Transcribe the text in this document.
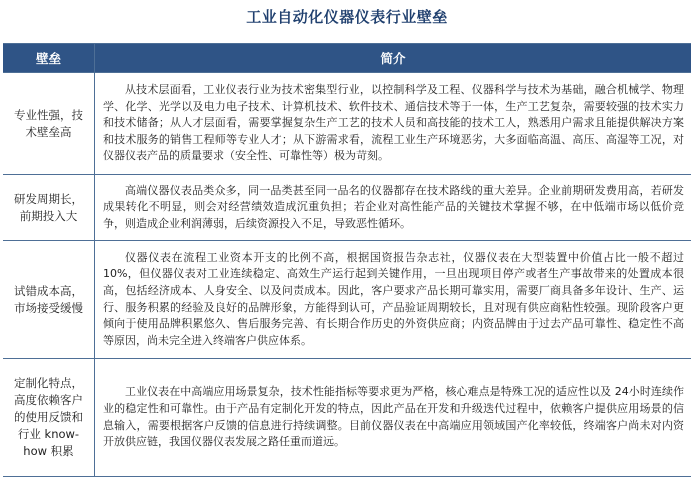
工业自动化仪器仪表行业壁垒
壁垒	简介
专业性强，技术壁垒高
从技术层面看，工业仪表行业为技术密集型行业，以控制科学及工程、仪器科学与技术为基础，融合机械学、物理学、化学、光学以及电力电子技术、计算机技术、软件技术、通信技术等于一体，生产工艺复杂，需要较强的技术实力和技术储备；从人才层面看，需要掌握复杂生产工艺的技术人员和高技能的技术工人，熟悉用户需求且能提供解决方案和技术服务的销售工程师等专业人才；从下游需求看，流程工业生产环境恶劣，大多面临高温、高压、高湿等工况，对仪器仪表产品的质量要求（安全性、可靠性等）极为苛刻。
研发周期长，前期投入大
高端仪器仪表品类众多，同一品类甚至同一品名的仪器都存在技术路线的重大差异。企业前期研发费用高，若研发成果转化不明显，则会对经营绩效造成沉重负担；若企业对高性能产品的关键技术掌握不够，在中低端市场以低价竞争，则造成企业利润薄弱，后续资源投入不足，导致恶性循环。
试错成本高，市场接受缓慢
仪器仪表在流程工业资本开支的比例不高，根据国资报告杂志社，仪器仪表在大型装置中价值占比一般不超过10%，但仪器仪表对工业连续稳定、高效生产运行起到关键作用，一旦出现项目停产或者生产事故带来的处置成本很高，包括经济成本、人身安全、以及问责成本。因此，客户要求产品长期可靠实用，需要厂商具备多年设计、生产、运行、服务积累的经验及良好的品牌形象，方能得到认可，产品验证周期较长，且对现有供应商粘性较强。现阶段客户更倾向于使用品牌积累悠久、售后服务完善、有长期合作历史的外资供应商；内资品牌由于过去产品可靠性、稳定性不高等原因，尚未完全进入终端客户供应体系。
定制化特点，高度依赖客户的使用反馈和行业 know-how 积累
工业仪表在中高端应用场景复杂，技术性能指标等要求更为严格，核心难点是特殊工况的适应性以及 24小时连续作业的稳定性和可靠性。由于产品有定制化开发的特点，因此产品在开发和升级迭代过程中，依赖客户提供应用场景的信息输入，需要根据客户反馈的信息进行持续调整。目前仪器仪表在中高端应用领域国产化率较低，终端客户尚未对内资开放供应链，我国仪器仪表发展之路任重而道远。
